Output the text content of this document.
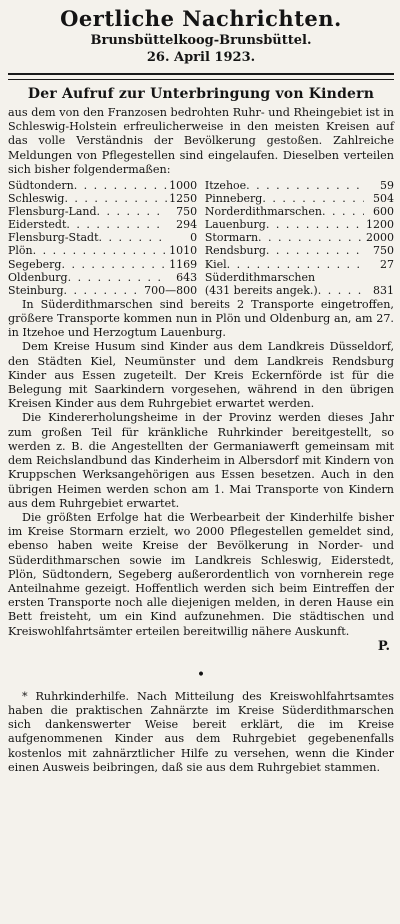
Oertliche Nachrichten.
Brunsbüttelkoog-Brunsbüttel.
26. April 1923.
Der Aufruf zur Unterbringung von Kindern

aus dem von den Franzosen bedrohten Ruhr- und Rheingebiet ist in Schleswig-Holstein erfreulicherweise in den meisten Kreisen auf das volle Verständnis der Bevölkerung gestoßen. Zahlreiche Meldungen von Pflegestellen sind eingelaufen. Dieselben verteilen sich bisher folgendermaßen:

Südtondern . . .	1000
Schleswig . . .	1250
Flensburg-Land . . .	750
Eiderstedt . . .	294
Flensburg-Stadt . . .	0
Plön . . .	1010
Segeberg . . .	1169
Oldenburg . . .	643
Steinburg . . .	700—800
Itzehoe . . .	59
Pinneberg . . .	504
Norderdithmarschen . . .	600
Lauenburg . . .	1200
Stormarn . . .	2000
Rendsburg . . .	750
Kiel . . .	27
Süderdithmarschen
(431 bereits angek.) . . .	831

In Süderdithmarschen sind bereits 2 Transporte eingetroffen, größere Transporte kommen nun in Plön und Oldenburg an, am 27. in Itzehoe und Herzogtum Lauenburg.

Dem Kreise Husum sind Kinder aus dem Landkreis Düsseldorf, den Städten Kiel, Neumünster und dem Landkreis Rendsburg Kinder aus Essen zugeteilt. Der Kreis Eckernförde ist für die Belegung mit Saarkindern vorgesehen, während in den übrigen Kreisen Kinder aus dem Ruhrgebiet erwartet werden.

Die Kindererholungsheime in der Provinz werden dieses Jahr zum großen Teil für kränkliche Ruhrkinder bereitgestellt, so werden z. B. die Angestellten der Germaniawerft gemeinsam mit dem Reichslandbund das Kinderheim in Albersdorf mit Kindern von Kruppschen Werksangehörigen aus Essen besetzen. Auch in den übrigen Heimen werden schon am 1. Mai Transporte von Kindern aus dem Ruhrgebiet erwartet.

Die größten Erfolge hat die Werbearbeit der Kinderhilfe bisher im Kreise Stormarn erzielt, wo 2000 Pflegestellen gemeldet sind, ebenso haben weite Kreise der Bevölkerung in Norder- und Süderdithmarschen sowie im Landkreis Schleswig, Eiderstedt, Plön, Südtondern, Segeberg außerordentlich von vornherein rege Anteilnahme gezeigt. Hoffentlich werden sich beim Eintreffen der ersten Transporte noch alle diejenigen melden, in deren Hause ein Bett freisteht, um ein Kind aufzunehmen. Die städtischen und Kreiswohlfahrtsämter erteilen bereitwillig nähere Auskunft.

P.
•

* Ruhrkinderhilfe. Nach Mitteilung des Kreiswohlfahrtsamtes haben die praktischen Zahnärzte im Kreise Süderdithmarschen sich dankenswerter Weise bereit erklärt, die im Kreise aufgenommenen Kinder aus dem Ruhrgebiet gegebenenfalls kostenlos mit zahnärztlicher Hilfe zu versehen, wenn die Kinder einen Ausweis beibringen, daß sie aus dem Ruhrgebiet stammen.
